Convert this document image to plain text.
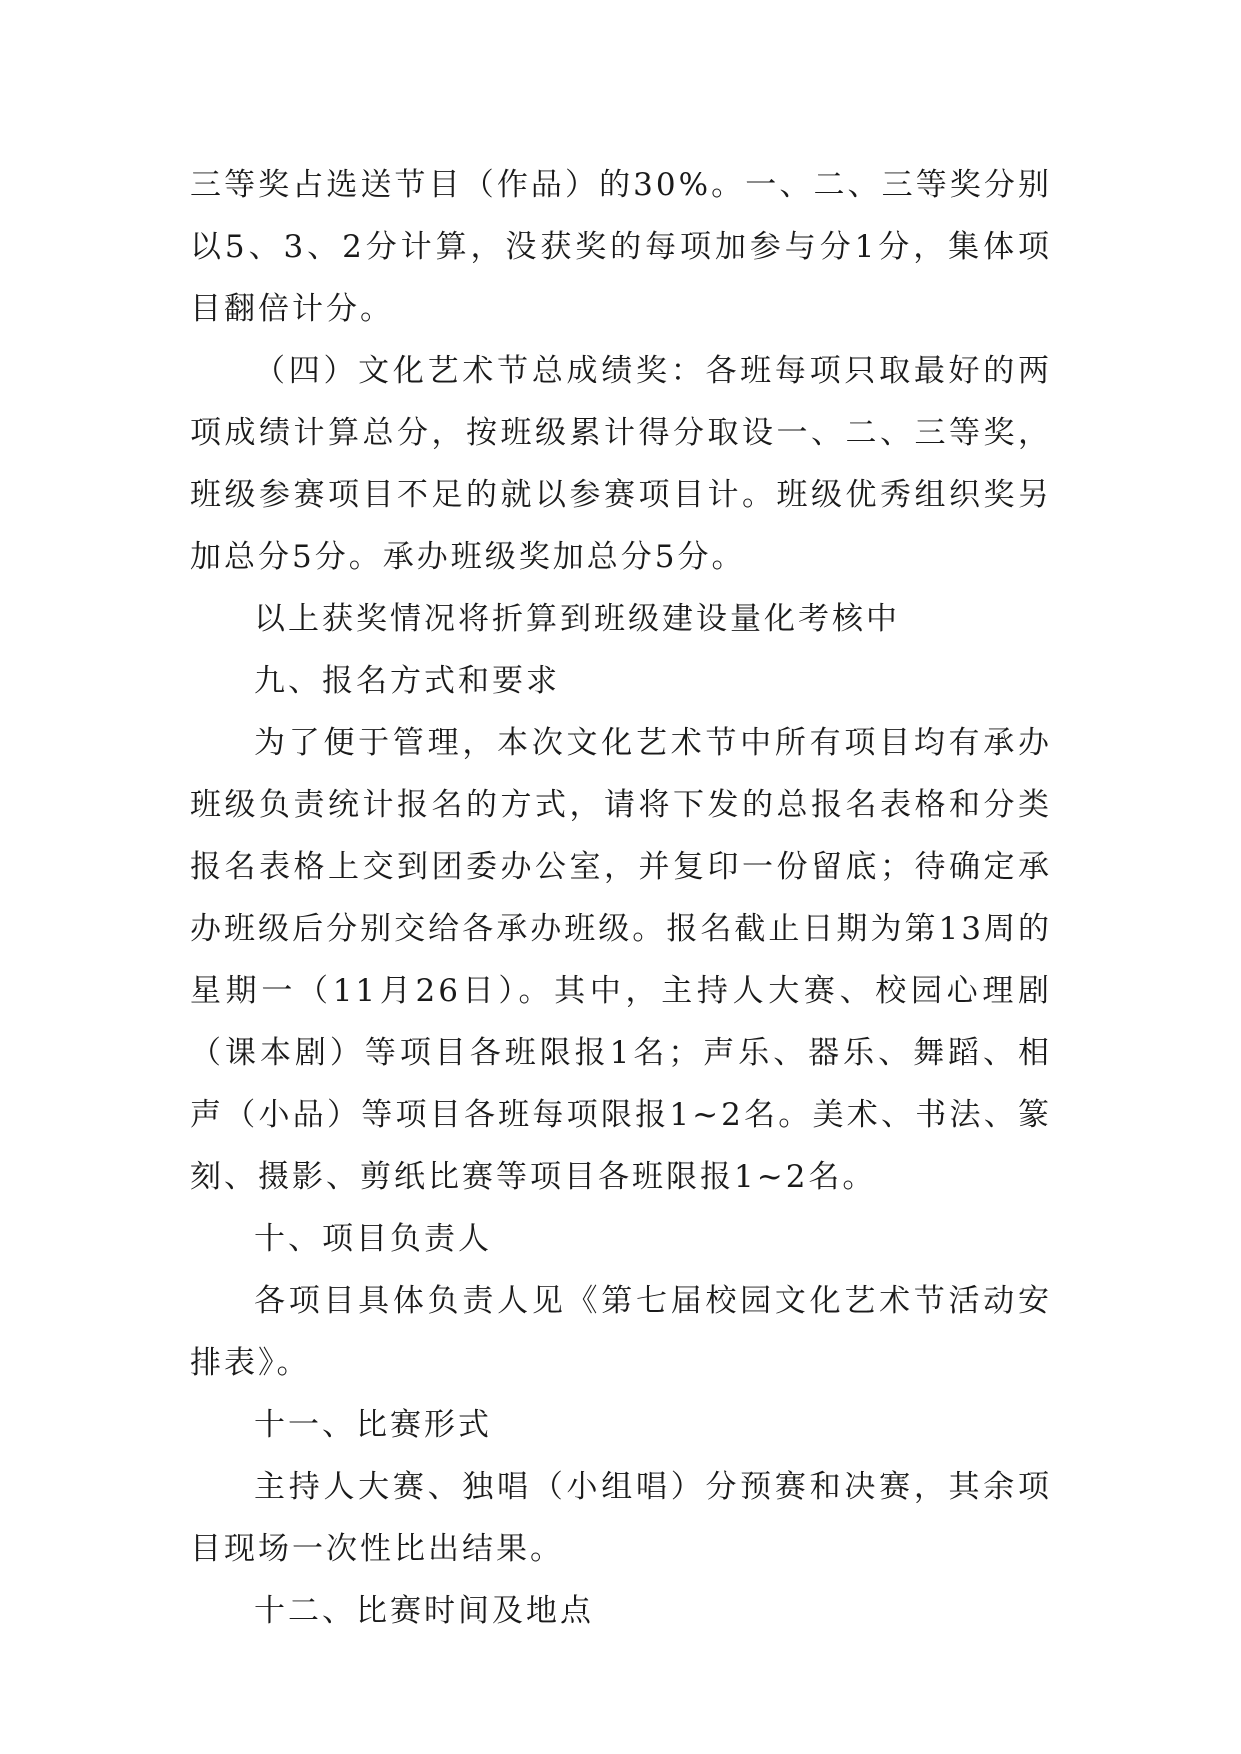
三等奖占选送节目（作品）的30%。一、二、三等奖分别以5、3、2分计算，没获奖的每项加参与分1分，集体项目翻倍计分。

（四）文化艺术节总成绩奖：各班每项只取最好的两项成绩计算总分，按班级累计得分取设一、二、三等奖，班级参赛项目不足的就以参赛项目计。班级优秀组织奖另加总分5分。承办班级奖加总分5分。

以上获奖情况将折算到班级建设量化考核中

九、报名方式和要求

为了便于管理，本次文化艺术节中所有项目均有承办班级负责统计报名的方式，请将下发的总报名表格和分类报名表格上交到团委办公室，并复印一份留底；待确定承办班级后分别交给各承办班级。报名截止日期为第13周的星期一（11月26日）。其中，主持人大赛、校园心理剧（课本剧）等项目各班限报1名；声乐、器乐、舞蹈、相声（小品）等项目各班每项限报1~2名。美术、书法、篆刻、摄影、剪纸比赛等项目各班限报1~2名。

十、项目负责人

各项目具体负责人见《第七届校园文化艺术节活动安排表》。

十一、比赛形式

主持人大赛、独唱（小组唱）分预赛和决赛，其余项目现场一次性比出结果。

十二、比赛时间及地点
